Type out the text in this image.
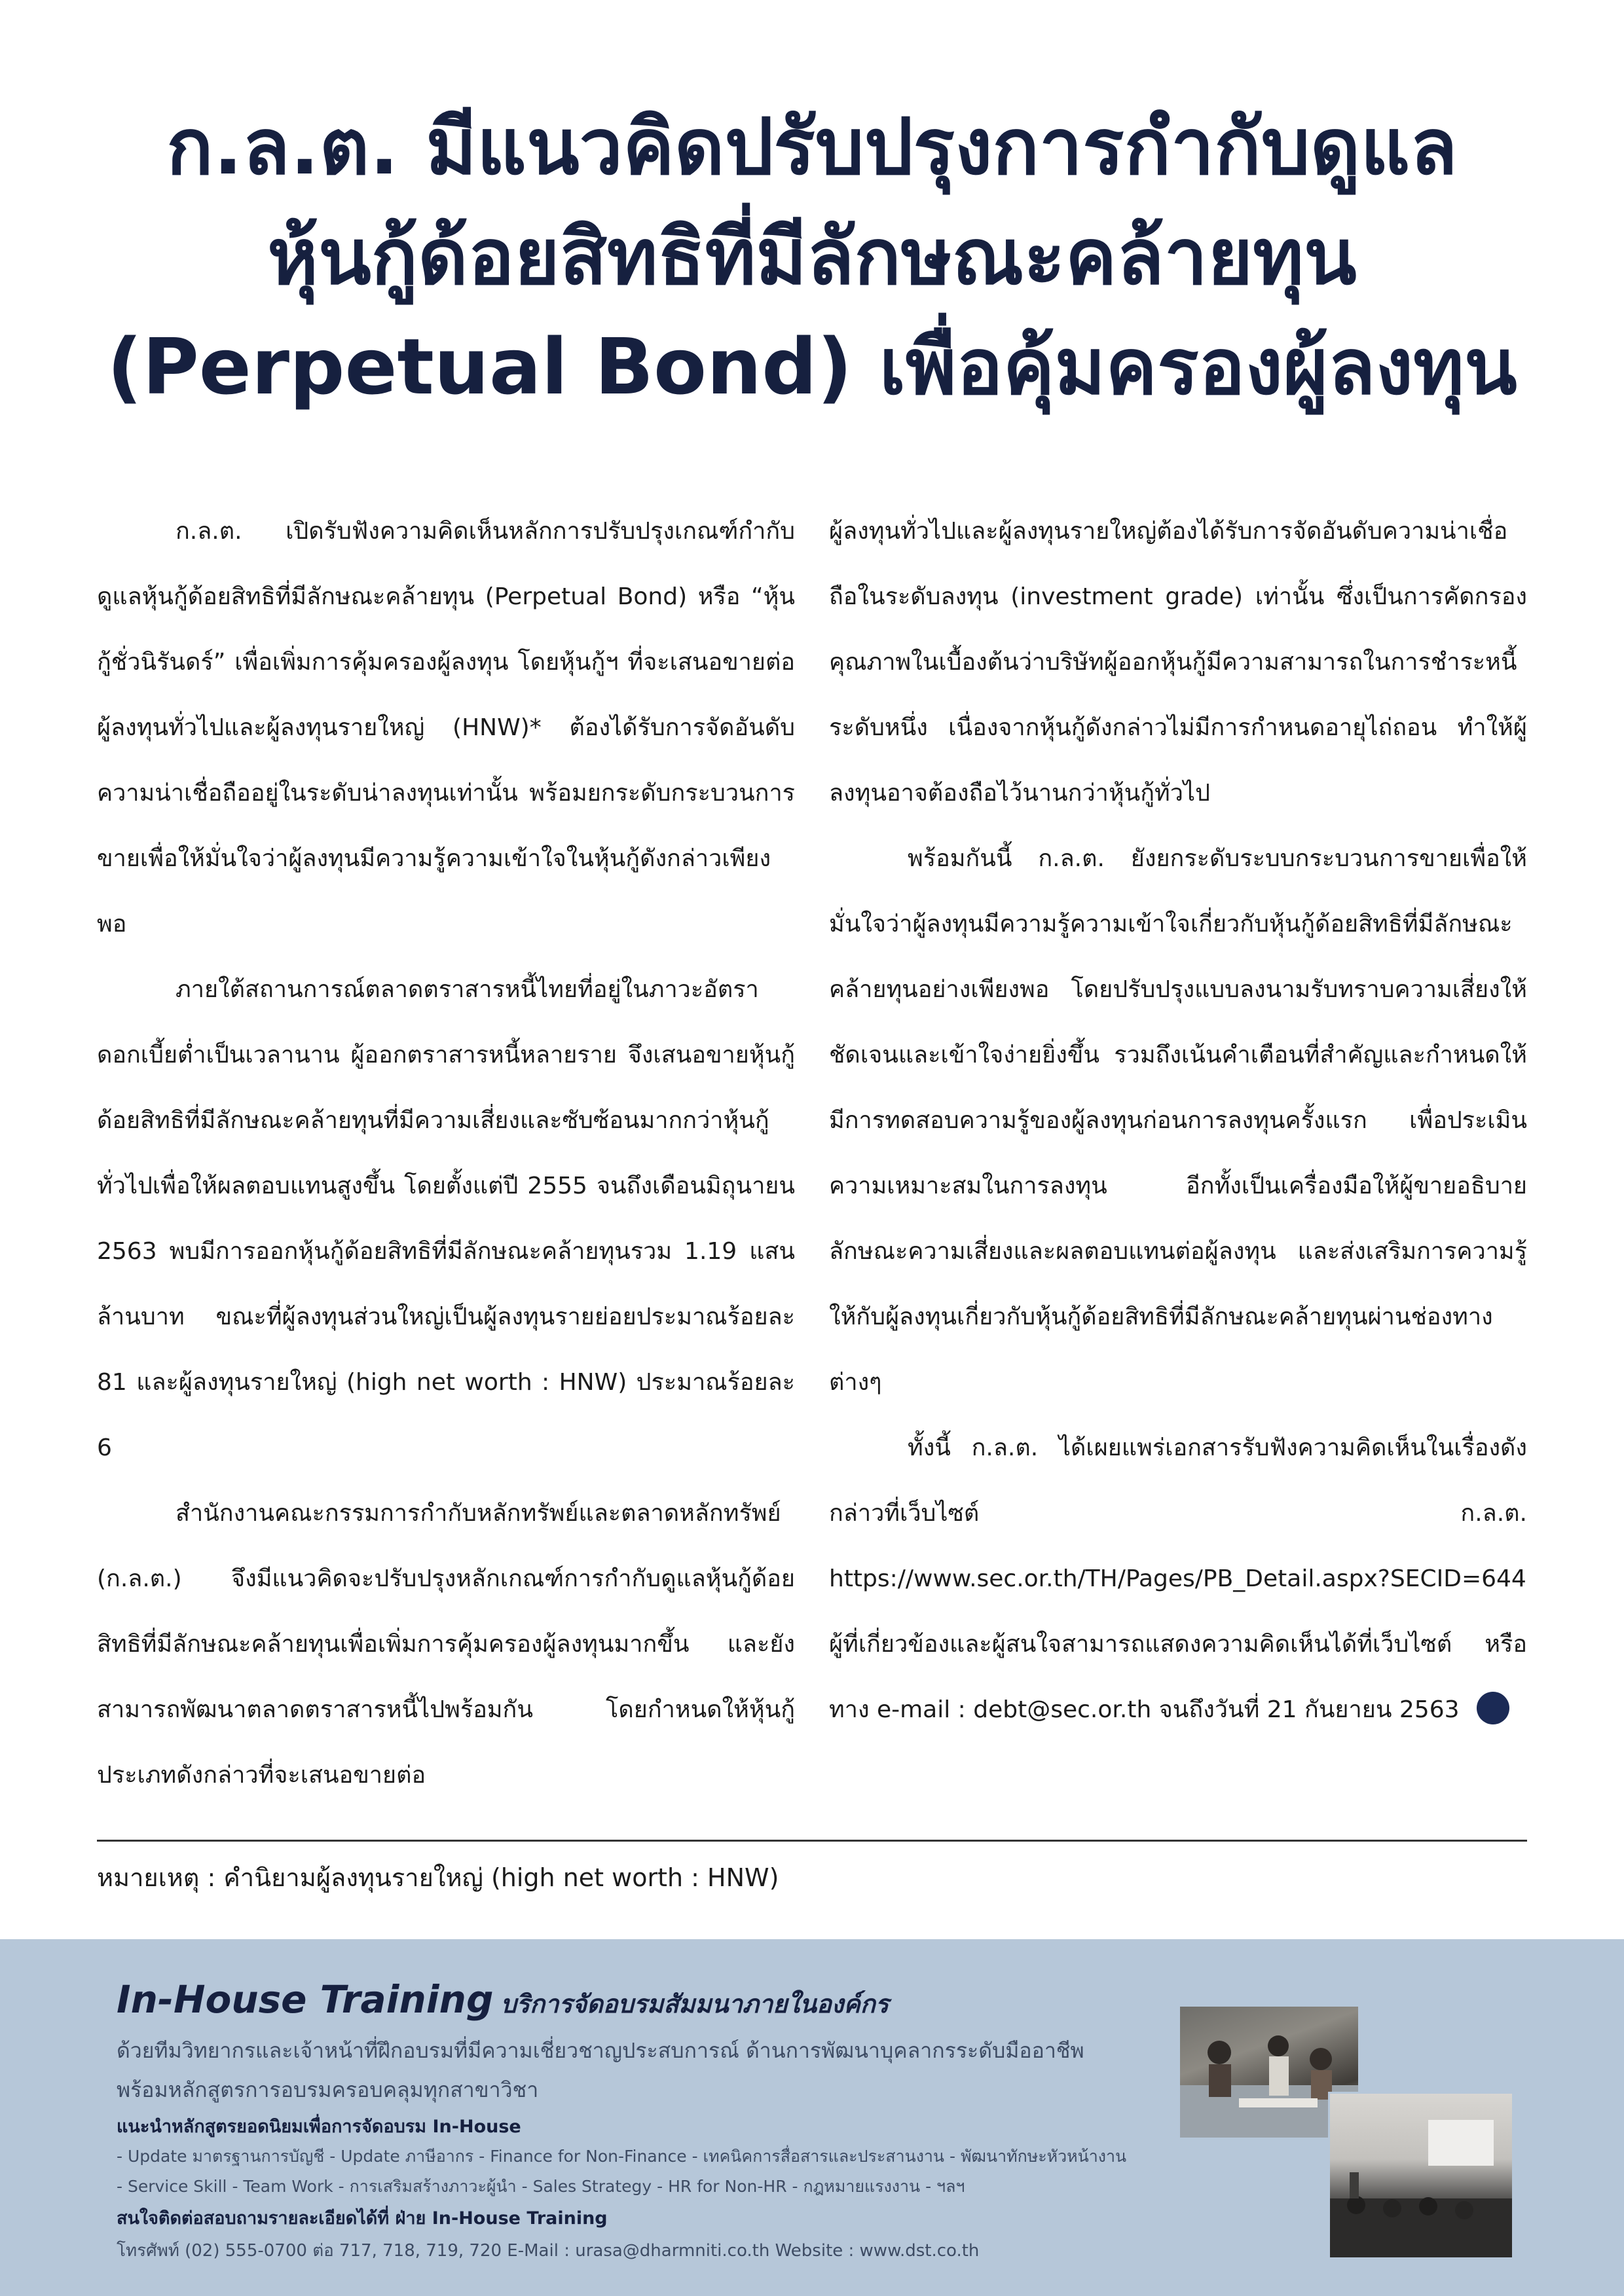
ก.ล.ต. มีแนวคิดปรับปรุงการกำกับดูแล
หุ้นกู้ด้อยสิทธิที่มีลักษณะคล้ายทุน
(Perpetual Bond) เพื่อคุ้มครองผู้ลงทุน

ก.ล.ต. เปิดรับฟังความคิดเห็นหลักการปรับปรุงเกณฑ์กำกับดูแลหุ้นกู้ด้อยสิทธิที่มีลักษณะคล้ายทุน (Perpetual Bond) หรือ “หุ้นกู้ชั่วนิรันดร์” เพื่อเพิ่มการคุ้มครองผู้ลงทุน โดยหุ้นกู้ฯ ที่จะเสนอขายต่อผู้ลงทุนทั่วไปและผู้ลงทุนรายใหญ่ (HNW)* ต้องได้รับการจัดอันดับความน่าเชื่อถืออยู่ในระดับน่าลงทุนเท่านั้น พร้อมยกระดับกระบวนการขายเพื่อให้มั่นใจว่าผู้ลงทุนมีความรู้ความเข้าใจในหุ้นกู้ดังกล่าวเพียงพอ

ภายใต้สถานการณ์ตลาดตราสารหนี้ไทยที่อยู่ในภาวะอัตราดอกเบี้ยต่ำเป็นเวลานาน ผู้ออกตราสารหนี้หลายราย จึงเสนอขายหุ้นกู้ด้อยสิทธิที่มีลักษณะคล้ายทุนที่มีความเสี่ยงและซับซ้อนมากกว่าหุ้นกู้ทั่วไปเพื่อให้ผลตอบแทนสูงขึ้น โดยตั้งแต่ปี 2555 จนถึงเดือนมิถุนายน 2563 พบมีการออกหุ้นกู้ด้อยสิทธิที่มีลักษณะคล้ายทุนรวม 1.19 แสนล้านบาท ขณะที่ผู้ลงทุนส่วนใหญ่เป็นผู้ลงทุนรายย่อยประมาณร้อยละ 81 และผู้ลงทุนรายใหญ่ (high net worth : HNW) ประมาณร้อยละ 6

สำนักงานคณะกรรมการกำกับหลักทรัพย์และตลาดหลักทรัพย์ (ก.ล.ต.) จึงมีแนวคิดจะปรับปรุงหลักเกณฑ์การกำกับดูแลหุ้นกู้ด้อยสิทธิที่มีลักษณะคล้ายทุนเพื่อเพิ่มการคุ้มครองผู้ลงทุนมากขึ้น และยังสามารถพัฒนาตลาดตราสารหนี้ไปพร้อมกัน โดยกำหนดให้หุ้นกู้ประเภทดังกล่าวที่จะเสนอขายต่อ

ผู้ลงทุนทั่วไปและผู้ลงทุนรายใหญ่ต้องได้รับการจัดอันดับความน่าเชื่อถือในระดับลงทุน (investment grade) เท่านั้น ซึ่งเป็นการคัดกรองคุณภาพในเบื้องต้นว่าบริษัทผู้ออกหุ้นกู้มีความสามารถในการชำระหนี้ระดับหนึ่ง เนื่องจากหุ้นกู้ดังกล่าวไม่มีการกำหนดอายุไถ่ถอน ทำให้ผู้ลงทุนอาจต้องถือไว้นานกว่าหุ้นกู้ทั่วไป

พร้อมกันนี้ ก.ล.ต. ยังยกระดับระบบกระบวนการขายเพื่อให้มั่นใจว่าผู้ลงทุนมีความรู้ความเข้าใจเกี่ยวกับหุ้นกู้ด้อยสิทธิที่มีลักษณะคล้ายทุนอย่างเพียงพอ โดยปรับปรุงแบบลงนามรับทราบความเสี่ยงให้ชัดเจนและเข้าใจง่ายยิ่งขึ้น รวมถึงเน้นคำเตือนที่สำคัญและกำหนดให้มีการทดสอบความรู้ของผู้ลงทุนก่อนการลงทุนครั้งแรก เพื่อประเมินความเหมาะสมในการลงทุน อีกทั้งเป็นเครื่องมือให้ผู้ขายอธิบายลักษณะความเสี่ยงและผลตอบแทนต่อผู้ลงทุน และส่งเสริมการความรู้ให้กับผู้ลงทุนเกี่ยวกับหุ้นกู้ด้อยสิทธิที่มีลักษณะคล้ายทุนผ่านช่องทางต่างๆ

ทั้งนี้ ก.ล.ต. ได้เผยแพร่เอกสารรับฟังความคิดเห็นในเรื่องดังกล่าวที่เว็บไซต์ ก.ล.ต. https://www.sec.or.th/TH/Pages/PB_Detail.aspx?SECID=644 ผู้ที่เกี่ยวข้องและผู้สนใจสามารถแสดงความคิดเห็นได้ที่เว็บไซต์ หรือทาง e-mail : debt@sec.or.th จนถึงวันที่ 21 กันยายน 2563

หมายเหตุ : คำนิยามผู้ลงทุนรายใหญ่ (high net worth : HNW)
In-House Training บริการจัดอบรมสัมมนาภายในองค์กร
ด้วยทีมวิทยากรและเจ้าหน้าที่ฝึกอบรมที่มีความเชี่ยวชาญประสบการณ์ ด้านการพัฒนาบุคลากรระดับมืออาชีพ
พร้อมหลักสูตรการอบรมครอบคลุมทุกสาขาวิชา
แนะนำหลักสูตรยอดนิยมเพื่อการจัดอบรม In-House
- Update มาตรฐานการบัญชี - Update ภาษีอากร - Finance for Non-Finance - เทคนิคการสื่อสารและประสานงาน - พัฒนาทักษะหัวหน้างาน
- Service Skill - Team Work - การเสริมสร้างภาวะผู้นำ - Sales Strategy - HR for Non-HR - กฎหมายแรงงาน - ฯลฯ
สนใจติดต่อสอบถามรายละเอียดได้ที่ ฝ่าย In-House Training
โทรศัพท์ (02) 555-0700 ต่อ 717, 718, 719, 720 E-Mail : urasa@dharmniti.co.th Website : www.dst.co.th
